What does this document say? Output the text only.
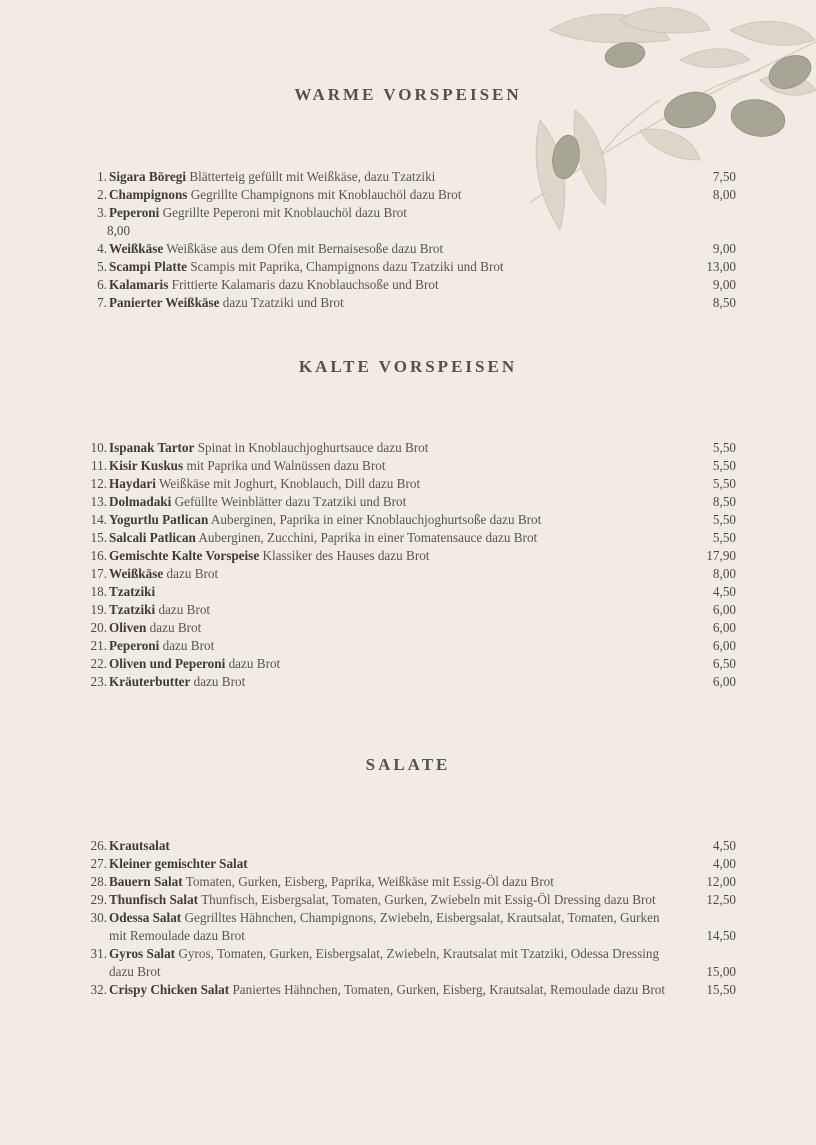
WARME VORSPEISEN
1. Sigara Böregi Blätterteig gefüllt mit Weißkäse, dazu Tzatziki	7,50
2. Champignons Gegrillte Champignons mit Knoblauchöl dazu Brot	8,00
3. Peperoni Gegrillte Peperoni mit Knoblauchöl dazu Brot
8,00
4. Weißkäse Weißkäse aus dem Ofen mit Bernaisesoße dazu Brot	9,00
5. Scampi Platte Scampis mit Paprika, Champignons dazu Tzatziki und Brot	13,00
6. Kalamaris Frittierte Kalamaris dazu Knoblauchsoße und Brot	9,00
7. Panierter Weißkäse dazu Tzatziki und Brot	8,50
KALTE VORSPEISEN
10. Ispanak Tartor Spinat in Knoblauchjoghurtsauce dazu Brot	5,50
11. Kisir Kuskus mit Paprika und Walnüssen dazu Brot	5,50
12. Haydari Weißkäse mit Joghurt, Knoblauch, Dill dazu Brot	5,50
13. Dolmadaki Gefüllte Weinblätter dazu Tzatziki und Brot	8,50
14. Yogurtlu Patlican Auberginen, Paprika in einer Knoblauchjoghurtsoße dazu Brot	5,50
15. Salcali Patlican Auberginen, Zucchini, Paprika in einer Tomatensauce dazu Brot	5,50
16. Gemischte Kalte Vorspeise Klassiker des Hauses dazu Brot	17,90
17. Weißkäse dazu Brot	8,00
18. Tzatziki	4,50
19. Tzatziki dazu Brot	6,00
20. Oliven dazu Brot	6,00
21. Peperoni dazu Brot	6,00
22. Oliven und Peperoni dazu Brot	6,50
23. Kräuterbutter dazu Brot	6,00
SALATE
26. Krautsalat	4,50
27. Kleiner gemischter Salat	4,00
28. Bauern Salat Tomaten, Gurken, Eisberg, Paprika, Weißkäse mit Essig-Öl dazu Brot	12,00
29. Thunfisch Salat Thunfisch, Eisbergsalat, Tomaten, Gurken, Zwiebeln mit Essig-Öl Dressing dazu Brot	12,50
30. Odessa Salat Gegrilltes Hähnchen, Champignons, Zwiebeln, Eisbergsalat, Krautsalat, Tomaten, Gurken mit Remoulade dazu Brot	14,50
31. Gyros Salat Gyros, Tomaten, Gurken, Eisbergsalat, Zwiebeln, Krautsalat mit Tzatziki, Odessa Dressing dazu Brot	15,00
32. Crispy Chicken Salat Paniertes Hähnchen, Tomaten, Gurken, Eisberg, Krautsalat, Remoulade dazu Brot	15,50
